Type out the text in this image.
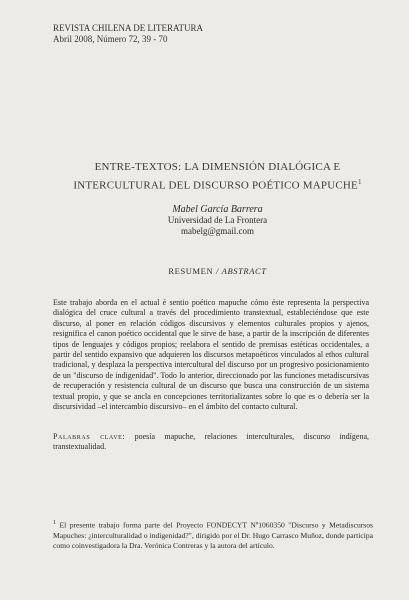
REVISTA CHILENA DE LITERATURA
Abril 2008, Número 72, 39 - 70
ENTRE-TEXTOS: LA DIMENSIÓN DIALÓGICA E
INTERCULTURAL DEL DISCURSO POÉTICO MAPUCHE$^1$
Mabel García Barrera
Universidad de La Frontera
mabelg@gmail.com
RESUMEN / ABSTRACT
Este trabajo aborda en el actual é sentio poético mapuche cómo éste representa la perspectiva dialógica del cruce cultural a través del procedimiento transtextual, estableciéndose que este discurso, al poner en relación códigos discursivos y elementos culturales propios y ajenos, resignifica el canon poético occidental que le sirve de base, a partir de la inscripción de diferentes tipos de lenguajes y códigos propios; reelabora el sentido de premisas estéticas occidentales, a partir del sentido expansivo que adquieren los discursos metapoéticos vinculados al ethos cultural tradicional, y desplaza la perspectiva intercultural del discurso por un progresivo posicionamiento de un "discurso de indigenidad". Todo lo anterior, direccionado por las funciones metadiscursivas de recuperación y resistencia cultural de un discurso que busca una construcción de un sistema textual propio, y que se ancla en concepciones territorializantes sobre lo que es o debería ser la discursividad –el intercambio discursivo– en el ámbito del contacto cultural.
Palabras clave: poesía mapuche, relaciones interculturales, discurso indígena, transtextualidad.
$^1$ El presente trabajo forma parte del Proyecto FONDECYT Nº1060350 "Discurso y Metadiscursos Mapuches: ¿interculturalidad o indigenidad?", dirigido por el Dr. Hugo Carrasco Muñoz, donde participa como coinvestigadora la Dra. Verónica Contreras y la autora del artículo.
